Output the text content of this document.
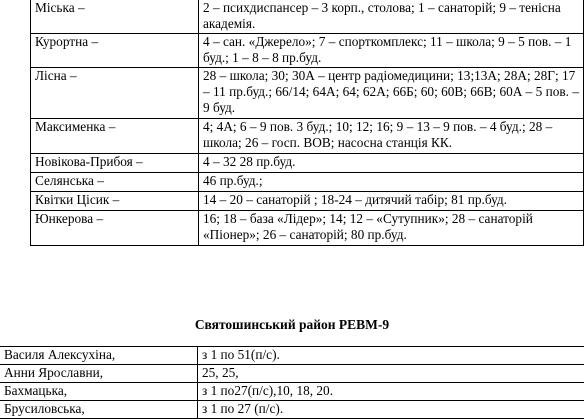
Міська –	2 – психдиспансер – 3 корп., столова; 1 – санаторій; 9 – тенісна академія.
Курортна –	4 – сан. «Джерело»; 7 – спорткомплекс; 11 – школа; 9 – 5 пов. – 1 буд.; 1 – 8 – 8 пр.буд.
Лісна –	28 – школа; 30; 30А – центр радіомедицини; 13;13А; 28А; 28Г; 17 – 11 пр.буд.; 66/14; 64А; 64; 62А; 66Б; 60; 60В; 66В; 60А – 5 пов. – 9 буд.
Максименка –	4; 4А; 6 – 9 пов. 3 буд.; 10; 12; 16; 9 – 13 – 9 пов. – 4 буд.; 28 – школа; 26 – госп. ВОВ; насосна станція КК.
Новікова-Прибоя –	4 – 32 28 пр.буд.
Селянська –	46 пр.буд.;
Квітки Цісик –	14 – 20 – санаторій ; 18-24 – дитячий табір; 81 пр.буд.
Юнкерова –	16; 18 – база «Лідер»; 14; 12 – «Сутупник»; 28 – санаторій «Піонер»; 26 – санаторій; 80 пр.буд.
Святошинський район РЕВМ-9
Василя Алексухіна,	з 1 по 51(п/с).
Анни Ярославни,	25, 25,
Бахмацька,	з 1 по27(п/с),10, 18, 20.
Брусиловська,	з 1 по 27 (п/с).
